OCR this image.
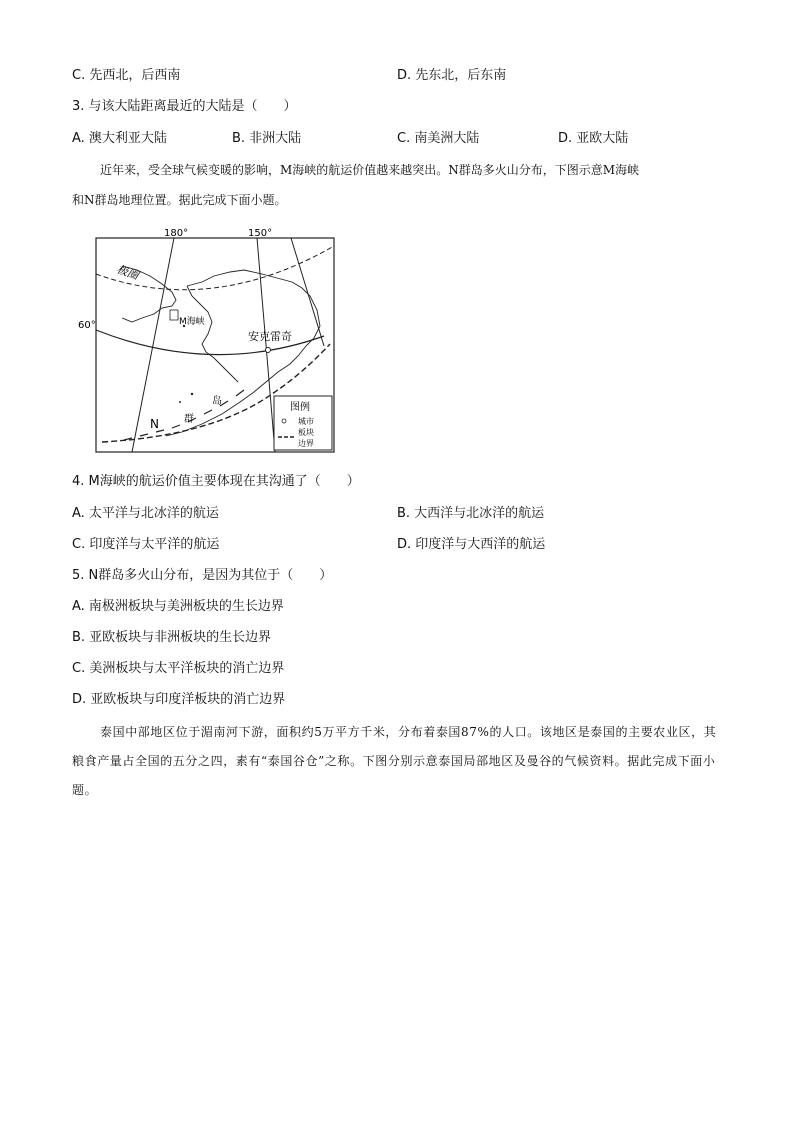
C. 先西北，后西南	D. 先东北，后东南
3. 与该大陆距离最近的大陆是（　　）
A. 澳大利亚大陆	B. 非洲大陆	C. 南美洲大陆	D. 亚欧大陆
近年来，受全球气候变暖的影响，M海峡的航运价值越来越突出。N群岛多火山分布，下图示意M海峡
和N群岛地理位置。据此完成下面小题。
180°	150°
60°
极圈
M海峡
安克雷奇
岛
群
N
图例
城市
板块
边界
4. M海峡的航运价值主要体现在其沟通了（　　）
A. 太平洋与北冰洋的航运	B. 大西洋与北冰洋的航运
C. 印度洋与太平洋的航运	D. 印度洋与大西洋的航运
5. N群岛多火山分布，是因为其位于（　　）
A. 南极洲板块与美洲板块的生长边界
B. 亚欧板块与非洲板块的生长边界
C. 美洲板块与太平洋板块的消亡边界
D. 亚欧板块与印度洋板块的消亡边界
泰国中部地区位于湄南河下游，面积约5万平方千米，分布着泰国87%的人口。该地区是泰国的主要农业区，其粮食产量占全国的五分之四，素有“泰国谷仓”之称。下图分别示意泰国局部地区及曼谷的气候资料。据此完成下面小题。
